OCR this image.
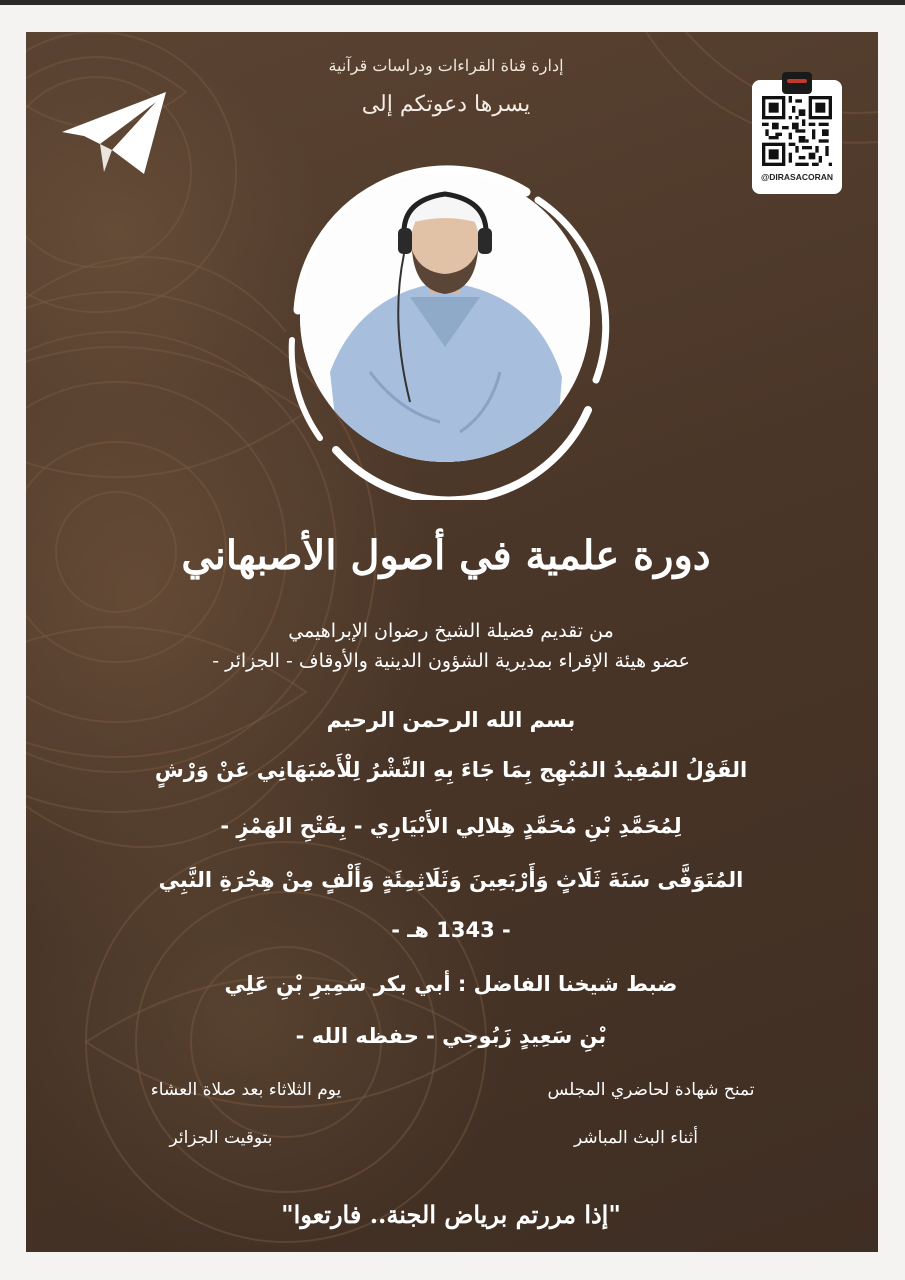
إدارة قناة القراءات ودراسات قرآنية
يسرها دعوتكم إلى
@DIRASACORAN
دورة علمية في أصول الأصبهاني
من تقديم فضيلة الشيخ رضوان الإبراهيمي
عضو هيئة الإقراء بمديرية الشؤون الدينية والأوقاف - الجزائر -
بسم الله الرحمن الرحيم
القَوْلُ المُفِيدُ المُبْهِج بِمَا جَاءَ بِهِ النَّشْرُ لِلْأَصْبَهَانِي عَنْ وَرْشٍ
لِمُحَمَّدِ بْنِ مُحَمَّدٍ هِلالِي الأَبْيَارِي - بِفَتْحِ الهَمْزِ -
المُتَوَفَّى سَنَةَ ثَلَاثٍ وَأَرْبَعِينَ وَثَلَاثِمِئَةٍ وَأَلْفٍ مِنْ هِجْرَةِ النَّبِي
- 1343 هـ -
ضبط شيخنا الفاضل : أبي بكر سَمِيرِ بْنِ عَلِي
بْنِ سَعِيدٍ زَبُوجي - حفظه الله -
تمنح شهادة لحاضري المجلس
أثناء البث المباشر
يوم الثلاثاء بعد صلاة العشاء
بتوقيت الجزائر
"إذا مررتم برياض الجنة.. فارتعوا"
